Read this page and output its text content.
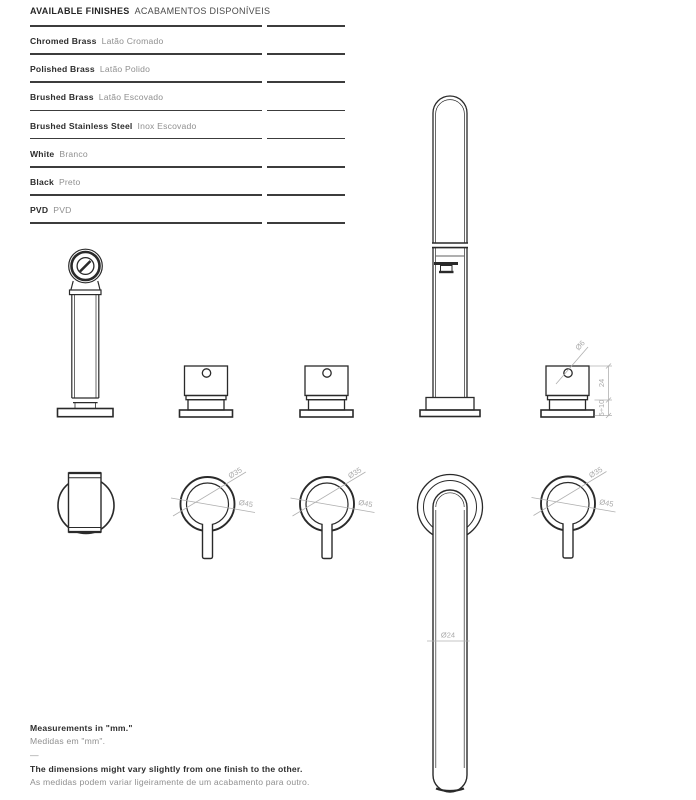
AVAILABLE FINISHES ACABAMENTOS DISPONÍVEIS
Chromed Brass Latão Cromado
Polished Brass Latão Polido
Brushed Brass Latão Escovado
Brushed Stainless Steel Inox Escovado
White Branco
Black Preto
PVD PVD
Ø6
24
5÷10
Ø35
Ø45
Ø35
Ø45
Ø24
Ø35
Ø45
Measurements in "mm."
Medidas em "mm".
—
The dimensions might vary slightly from one finish to the other.
As medidas podem variar ligeiramente de um acabamento para outro.
